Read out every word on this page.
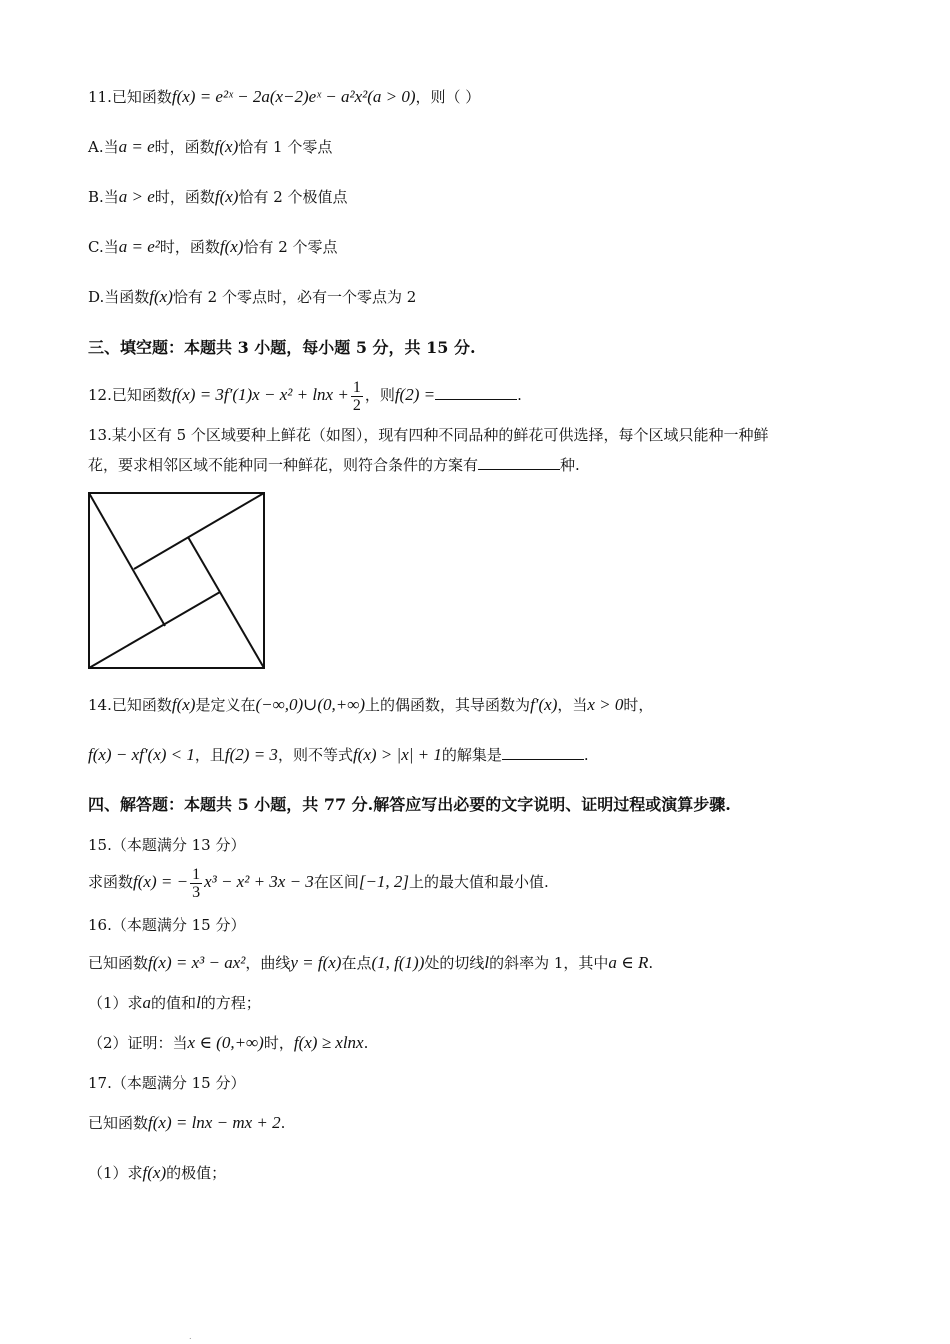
11.已知函数f(x) = e²ˣ − 2a(x−2)eˣ − a²x²(a > 0)，则（ ）
A.当a = e时，函数f(x)恰有 1 个零点
B.当a > e时，函数f(x)恰有 2 个极值点
C.当a = e²时，函数f(x)恰有 2 个零点
D.当函数f(x)恰有 2 个零点时，必有一个零点为 2
三、填空题：本题共 3 小题，每小题 5 分，共 15 分.
12.已知函数$f(x) = 3f'(1)x - x^2 + \ln x + \frac{1}{2}$ ，则f(2) =	.
13.某小区有 5 个区域要种上鲜花（如图），现有四种不同品种的鲜花可供选择，每个区域只能种一种鲜
花，要求相邻区域不能种同一种鲜花，则符合条件的方案有	种.
14.已知函数f(x)是定义在(−∞,0)∪(0,+∞)上的偶函数，其导函数为f′(x)，当x > 0时，
f(x) − xf′(x) < 1，且f(2) = 3，则不等式f(x) > |x| + 1的解集是	.
四、解答题：本题共 5 小题，共 77 分.解答应写出必要的文字说明、证明过程或演算步骤.
15.（本题满分 13 分）
求函数f(x) = − $\frac{1}{3} x^3 - x^2 + 3x - 3$在区间[−1, 2]上的最大值和最小值.
16.（本题满分 15 分）
已知函数f(x) = x³ − ax²，曲线y = f(x)在点(1, f(1))处的切线l的斜率为 1，其中a ∈ R.
（1）求a的值和l的方程；
（2）证明：当x ∈ (0,+∞)时，f(x) ≥ xlnx.
17.（本题满分 15 分）
已知函数f(x) = lnx − mx + 2.
（1）求f(x)的极值；
.
